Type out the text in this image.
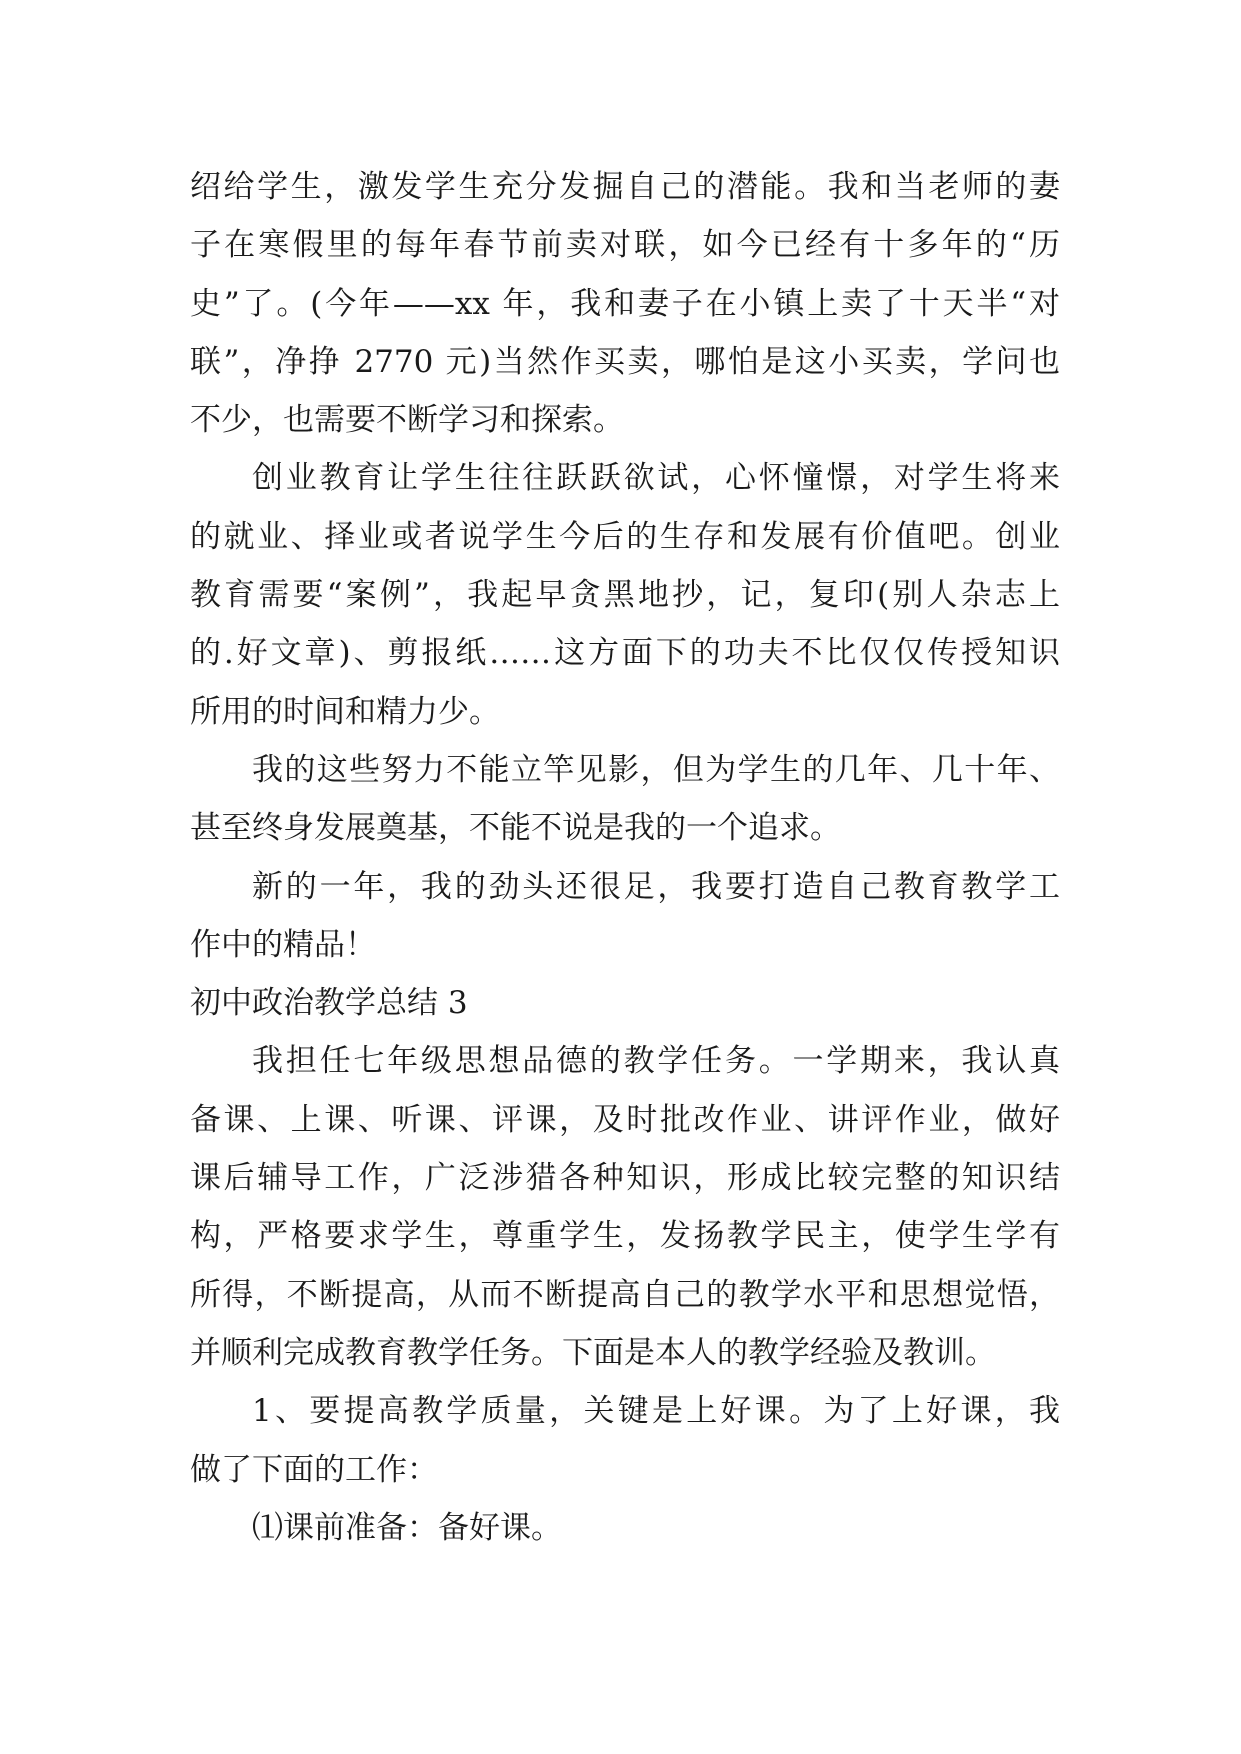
绍给学生，激发学生充分发掘自己的潜能。我和当老师的妻
子在寒假里的每年春节前卖对联，如今已经有十多年的“历
史”了。(今年——xx 年，我和妻子在小镇上卖了十天半“对
联”，净挣 2770 元)当然作买卖，哪怕是这小买卖，学问也
不少，也需要不断学习和探索。
创业教育让学生往往跃跃欲试，心怀憧憬，对学生将来
的就业、择业或者说学生今后的生存和发展有价值吧。创业
教育需要“案例”，我起早贪黑地抄，记，复印(别人杂志上
的.好文章)、剪报纸……这方面下的功夫不比仅仅传授知识
所用的时间和精力少。
我的这些努力不能立竿见影，但为学生的几年、几十年、
甚至终身发展奠基，不能不说是我的一个追求。
新的一年，我的劲头还很足，我要打造自己教育教学工
作中的精品！
初中政治教学总结 3
我担任七年级思想品德的教学任务。一学期来，我认真
备课、上课、听课、评课，及时批改作业、讲评作业，做好
课后辅导工作，广泛涉猎各种知识，形成比较完整的知识结
构，严格要求学生，尊重学生，发扬教学民主，使学生学有
所得，不断提高，从而不断提高自己的教学水平和思想觉悟，
并顺利完成教育教学任务。下面是本人的教学经验及教训。
1、要提高教学质量，关键是上好课。为了上好课，我
做了下面的工作：
⑴课前准备：备好课。
